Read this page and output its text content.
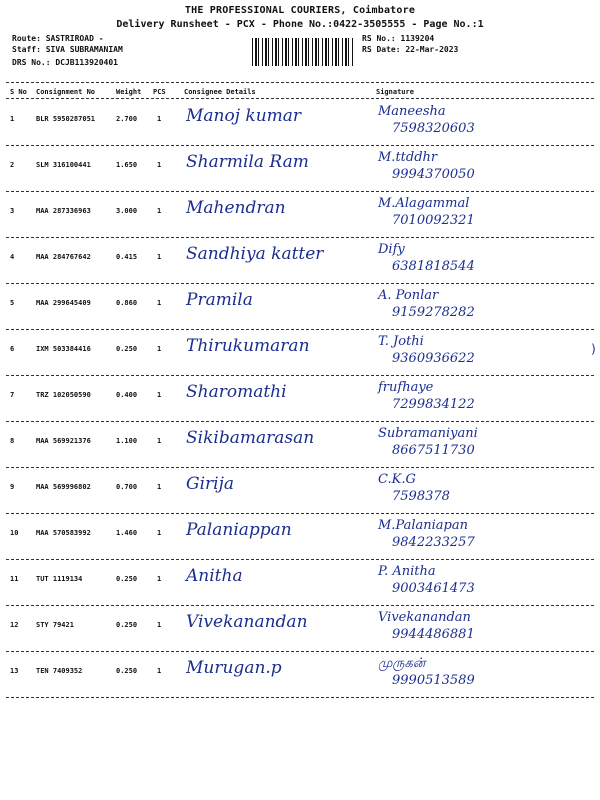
THE PROFESSIONAL COURIERS, Coimbatore
Delivery Runsheet - PCX - Phone No.:0422-3505555 - Page No.:1
Route: SASTRIROAD -
Staff: SIVA SUBRAMANIAM
DRS No.: DCJB113920401
RS No.: 1139204
RS Date: 22-Mar-2023
S No Consignment No	Weight PCS	Consignee Details	Signature
1	BLR 5950287051	2.700	1 Manoj kumar	Maneesha
7598320603
2	SLM 316100441	1.650	1 Sharmila Ram	M.ttddhr
9994370050
3	MAA 287336963	3.000	1 Mahendran	M.Alagammal
7010092321
4	MAA 284767642	0.415	1 Sandhiya katter	Dify
6381818544
5	MAA 299645409	0.860	1 Pramila	A. Ponlar
9159278282
6	IXM 503384416	0.250	1 Thirukumaran	T. Jothi
9360936622
7	TRZ 102050590	0.400	1 Sharomathi	frufhaye
7299834122
8	MAA 569921376	1.100	1 Sikibamarasan	Subramaniyani
8667511730
9	MAA 569996802	0.700	1 Girija	C.K.G
7598378
10	MAA 570583992	1.460	1 Palaniappan	M.Palaniapan
9842233257
11	TUT 1119134	0.250	1 Anitha	P. Anitha
9003461473
12	STY 79421	0.250	1 Vivekanandan	Vivekanandan
9944486881
13	TEN 7409352	0.250	1 Murugan.p	முருகன்
9990513589
)
